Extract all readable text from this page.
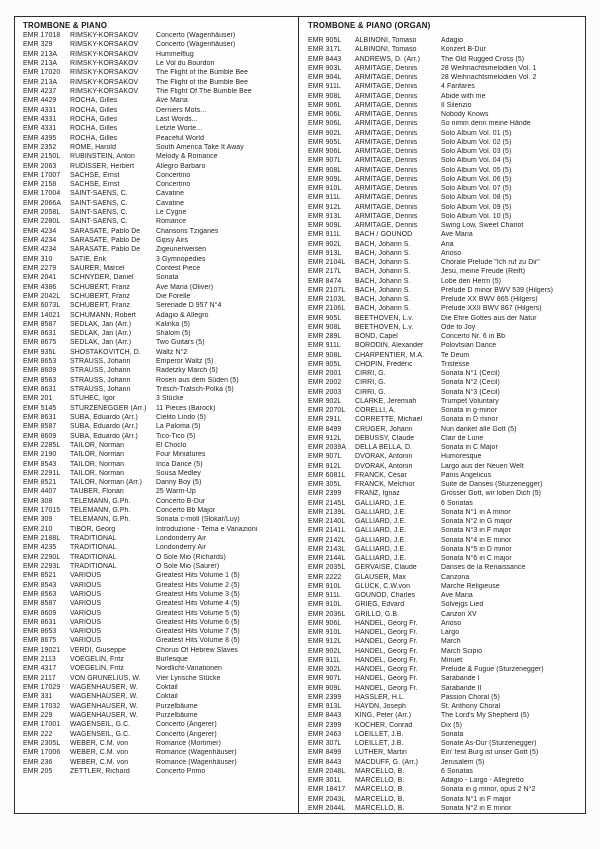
TROMBONE & PIANO
EMR 17018	RIMSKY-KORSAKOV	Concerto (Wagenhäuser)
EMR 329	RIMSKY-KORSAKOV	Concerto (Wagenhäuser)
EMR 213A	RIMSKY-KORSAKOV	Hummelflug
EMR 213A	RIMSKY-KORSAKOV	Le Vol du Bourdon
EMR 17020	RIMSKY-KORSAKOV	The Flight of the Bumble Bee
EMR 213A	RIMSKY-KORSAKOV	The Flight of the Bumble Bee
EMR 4237	RIMSKY-KORSAKOV	The Flight Of The Bumble Bee
EMR 4429	ROCHA, Gilles	Ave Maria
EMR 4331	ROCHA, Gilles	Derniers Mots...
EMR 4331	ROCHA, Gilles	Last Words...
EMR 4331	ROCHA, Gilles	Letzte Worte...
EMR 4395	ROCHA, Gilles	Peaceful World
EMR 2352	ROME, Harold	South America Take It Away
EMR 2150L	RUBINSTEIN, Anton	Melody & Romance
EMR 2063	RÜDISSER, Herbert	Allegro Barbaro
EMR 17007	SACHSE, Ernst	Concertino
EMR 2158	SACHSE, Ernst	Concertino
EMR 17004	SAINT-SAËNS, C.	Cavatine
EMR 2066A	SAINT-SAËNS, C.	Cavatine
EMR 2058L	SAINT-SAËNS, C.	Le Cygne
EMR 2280L	SAINT-SAËNS, C.	Romance
EMR 4234	SARASATE, Pablo De	Chansons Tziganes
EMR 4234	SARASATE, Pablo De	Gipsy Airs
EMR 4234	SARASATE, Pablo De	Zigeunerweisen
EMR 310	SATIE, Erik	3 Gymnopédies
EMR 2279	SAURER, Marcel	Contest Piece
EMR 2041	SCHNYDER, Daniel	Sonata
EMR 4386	SCHUBERT, Franz	Ave Maria (Oliver)
EMR 2042L	SCHUBERT, Franz	Die Forelle
EMR 6073L	SCHUBERT, Franz	Serenade D 957 N°4
EMR 14021	SCHUMANN, Robert	Adagio & Allegro
EMR 8587	SEDLAK, Jan (Arr.)	Kalinka (5)
EMR 8631	SEDLAK, Jan (Arr.)	Shalom (5)
EMR 8675	SEDLAK, Jan (Arr.)	Two Guitars (5)
EMR 935L	SHOSTAKOVITCH, D.	Waltz N°2
EMR 8653	STRAUSS, Johann	Emperor Waltz (5)
EMR 8609	STRAUSS, Johann	Radetzky March (5)
EMR 8563	STRAUSS, Johann	Rosen aus dem Süden (5)
EMR 8631	STRAUSS, Johann	Tritsch-Tratsch-Polka (5)
EMR 201	STUHEC, Igor	3 Stücke
EMR 5145	STURZENEGGER (Arr.)	11 Pieces (Barock)
EMR 8631	SUBA, Eduardo (Arr.)	Cielito Lindo (5)
EMR 8587	SUBA, Eduardo (Arr.)	La Paloma (5)
EMR 8609	SUBA, Eduardo (Arr.)	Tico-Tico (5)
EMR 2285L	TAILOR, Norman	El Choclo
EMR 2190	TAILOR, Norman	Four Miniatures
EMR 8543	TAILOR, Norman	Inca Dance (5)
EMR 2291L	TAILOR, Norman	Sousa Medley
EMR 8521	TAILOR, Norman (Arr.)	Danny Boy (5)
EMR 4407	TAUBER, Florian	25 Warm-Up
EMR 308	TELEMANN, G.Ph.	Concerto B-Dur
EMR 17015	TELEMANN, G.Ph.	Concerto Bb Major
EMR 309	TELEMANN, G.Ph.	Sonata c-moll (Slokar/Luy)
EMR 210	TIBOR, Georg	Introduzione - Tema e Variazioni
EMR 2188L	TRADITIONAL	Londonderry Air
EMR 4235	TRADITIONAL	Londonderry Air
EMR 2290L	TRADITIONAL	O Sole Mio (Richards)
EMR 2293L	TRADITIONAL	O Sole Mio (Saurer)
EMR 8521	VARIOUS	Greatest Hits Volume 1 (5)
EMR 8543	VARIOUS	Greatest Hits Volume 2 (5)
EMR 8563	VARIOUS	Greatest Hits Volume 3 (5)
EMR 8587	VARIOUS	Greatest Hits Volume 4 (5)
EMR 8609	VARIOUS	Greatest Hits Volume 5 (5)
EMR 8631	VARIOUS	Greatest Hits Volume 6 (5)
EMR 8653	VARIOUS	Greatest Hits Volume 7 (5)
EMR 8675	VARIOUS	Greatest Hits Volume 8 (5)
EMR 19021	VERDI, Giuseppe	Chorus Of Hebrew Slaves
EMR 2113	VOEGELIN, Fritz	Burlesque
EMR 4317	VOEGELIN, Fritz	Nordlicht-Variationen
EMR 2117	VON GRUNELIUS, W.	Vier Lyrische Stücke
EMR 17029	WAGENHÄUSER, W.	Coktail
EMR 331	WAGENHÄUSER, W.	Coktail
EMR 17032	WAGENHÄUSER, W.	Purzelbäume
EMR 229	WAGENHÄUSER, W.	Purzelbäume
EMR 17001	WAGENSEIL, G.C.	Concerto (Angerer)
EMR 222	WAGENSEIL, G.C.	Concerto (Angerer)
EMR 2305L	WEBER, C.M. von	Romance (Mortimer)
EMR 17006	WEBER, C.M. von	Romance (Wagenhäuser)
EMR 236	WEBER, C.M. von	Romance (Wagenhäuser)
EMR 205	ZETTLER, Richard	Concerto Primo
TROMBONE & PIANO (ORGAN)
EMR 905L	ALBINONI, Tomaso	Adagio
EMR 317L	ALBINONI, Tomaso	Konzert B-Dur
EMR 8443	ANDREWS, D. (Arr.)	The Old Rugged Cross (5)
EMR 903L	ARMITAGE, Dennis	28 Weihnachtsmelodien Vol. 1
EMR 904L	ARMITAGE, Dennis	28 Weihnachtsmelodien Vol. 2
EMR 911L	ARMITAGE, Dennis	4 Fanfares
EMR 908L	ARMITAGE, Dennis	Abide with me
EMR 906L	ARMITAGE, Dennis	Il Silenzio
EMR 906L	ARMITAGE, Dennis	Nobody Knows
EMR 906L	ARMITAGE, Dennis	So nimm denn meine Hände
EMR 902L	ARMITAGE, Dennis	Solo Album Vol. 01 (5)
EMR 905L	ARMITAGE, Dennis	Solo Album Vol. 02 (5)
EMR 906L	ARMITAGE, Dennis	Solo Album Vol. 03 (5)
EMR 907L	ARMITAGE, Dennis	Solo Album Vol. 04 (5)
EMR 908L	ARMITAGE, Dennis	Solo Album Vol. 05 (5)
EMR 909L	ARMITAGE, Dennis	Solo Album Vol. 06 (5)
EMR 910L	ARMITAGE, Dennis	Solo Album Vol. 07 (5)
EMR 911L	ARMITAGE, Dennis	Solo Album Vol. 08 (5)
EMR 912L	ARMITAGE, Dennis	Solo Album Vol. 09 (5)
EMR 913L	ARMITAGE, Dennis	Solo Album Vol. 10 (5)
EMR 909L	ARMITAGE, Dennis	Swing Low, Sweet Chariot
EMR 911L	BACH / GOUNOD	Ave Maria
EMR 902L	BACH, Johann S.	Aria
EMR 913L	BACH, Johann S.	Arioso
EMR 2104L	BACH, Johann S.	Chorale Prelude "Ich ruf zu Dir"
EMR 217L	BACH, Johann S.	Jesu, meine Freude (Reift)
EMR 8474	BACH, Johann S.	Lobe den Herrn (5)
EMR 2107L	BACH, Johann S.	Prelude D minor BWV 539 (Hilgers)
EMR 2103L	BACH, Johann S.	Prelude XX BWV 865 (Hilgers)
EMR 2106L	BACH, Johann S.	Prelude XXII BWV 867 (Hilgers)
EMR 905L	BEETHOVEN, L.v.	Die Ehre Gottes aus der Natur
EMR 908L	BEETHOVEN, L.v.	Ode to Joy
EMR 289L	BOND, Capel	Concerto Nr. 6 in Bb
EMR 911L	BORODIN, Alexander	Polovtsian Dance
EMR 908L	CHARPENTIER, M.A.	Te Deum
EMR 905L	CHOPIN, Frédéric	Tristesse
EMR 2001	CIRRI, G.	Sonata N°1 (Cecil)
EMR 2002	CIRRI, G.	Sonata N°2 (Cecil)
EMR 2003	CIRRI, G.	Sonata N°3 (Cecil)
EMR 902L	CLARKE, Jeremiah	Trumpet Voluntary
EMR 2070L	CORELLI, A.	Sonata in g-minor
EMR 291L	CORRETTE, Michael	Sonata in D minor
EMR 8499	CRÜGER, Johann	Nun danket alle Gott (5)
EMR 912L	DEBUSSY, Claude	Clair de Lune
EMR 2039A	DELLA BELLA, D.	Sonata in C Major
EMR 907L	DVORAK, Antonin	Humoresque
EMR 912L	DVORAK, Antonin	Largo aus der Neuen Welt
EMR 6081L	FRANCK, César	Panis Angelicus
EMR 305L	FRANCK, Melchior	Suite de Danses (Sturzenegger)
EMR 2399	FRANZ, Ignaz	Grosser Gott, wir loben Dich (5)
EMR 2145L	GALLIARD, J.E.	6 Sonatas
EMR 2139L	GALLIARD, J.E.	Sonata N°1 in A minor
EMR 2140L	GALLIARD, J.E.	Sonata N°2 in G major
EMR 2141L	GALLIARD, J.E.	Sonata N°3 in F major
EMR 2142L	GALLIARD, J.E.	Sonata N°4 in E minor
EMR 2143L	GALLIARD, J.E.	Sonata N°5 in D minor
EMR 2144L	GALLIARD, J.E.	Sonata N°6 in C major
EMR 2035L	GERVAISE, Claude	Danses de la Renaissance
EMR 2222	GLAUSER, Max	Canzona
EMR 910L	GLUCK, C.W.von	Marche Religieuse
EMR 911L	GOUNOD, Charles	Ave Maria
EMR 910L	GRIEG, Edvard	Solvejgs Lied
EMR 2036L	GRILLO, G.B.	Canzon XV
EMR 906L	HÄNDEL, Georg Fr.	Arioso
EMR 910L	HÄNDEL, Georg Fr.	Largo
EMR 912L	HÄNDEL, Georg Fr.	March
EMR 902L	HÄNDEL, Georg Fr.	March Scipio
EMR 911L	HÄNDEL, Georg Fr.	Minuet
EMR 302L	HÄNDEL, Georg Fr.	Prelude & Fugue (Sturzenegger)
EMR 907L	HÄNDEL, Georg Fr.	Sarabande I
EMR 909L	HÄNDEL, Georg Fr.	Sarabande II
EMR 2399	HASSLER, H.L.	Passion Choral (5)
EMR 913L	HAYDN, Joseph	St. Anthony Choral
EMR 8443	KING, Peter (Arr.)	The Lord's My Shepherd (5)
EMR 2399	KOCHER, Conrad	Dix (5)
EMR 2463	LOEILLET, J.B.	Sonata
EMR 307L	LOEILLET, J.B.	Sonate As-Dur (Sturzenegger)
EMR 8499	LUTHER, Martin	Ein' fest Burg ist unser Gott (5)
EMR 8443	MACDUFF, G. (Arr.)	Jerusalem (5)
EMR 2048L	MARCELLO, B.	6 Sonatas
EMR 301L	MARCELLO, B.	Adagio - Largo - Allegretto
EMR 18417	MARCELLO, B.	Sonata in g minor, opus 2 N°2
EMR 2043L	MARCELLO, B.	Sonata N°1 in F major
EMR 2044L	MARCELLO, B.	Sonata N°2 in E minor
